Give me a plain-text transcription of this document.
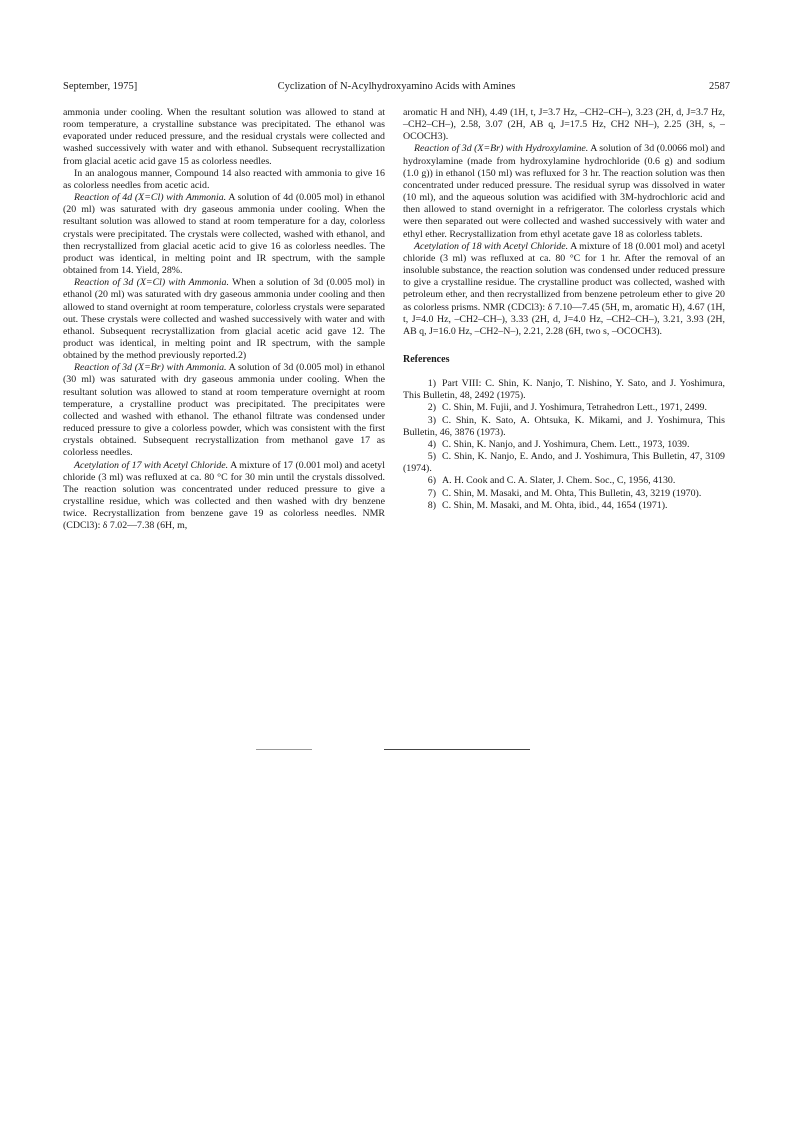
September, 1975]	Cyclization of N-Acylhydroxyamino Acids with Amines	2587

ammonia under cooling. When the resultant solution was allowed to stand at room temperature, a crystalline substance was precipitated. The ethanol was evaporated under reduced pressure, and the residual crystals were collected and washed successively with water and with ethanol. Subsequent recrystallization from glacial acetic acid gave 15 as colorless needles.

In an analogous manner, Compound 14 also reacted with ammonia to give 16 as colorless needles from acetic acid.

Reaction of 4d (X=Cl) with Ammonia. A solution of 4d (0.005 mol) in ethanol (20 ml) was saturated with dry gaseous ammonia under cooling. When the resultant solution was allowed to stand at room temperature for a day, colorless crystals were precipitated. The crystals were collected, washed with ethanol, and then recrystallized from glacial acetic acid to give 16 as colorless needles. The product was identical, in melting point and IR spectrum, with the sample obtained from 14. Yield, 28%.

Reaction of 3d (X=Cl) with Ammonia. When a solution of 3d (0.005 mol) in ethanol (20 ml) was saturated with dry gaseous ammonia under cooling and then allowed to stand overnight at room temperature, colorless crystals were separated out. These crystals were collected and washed successively with water and with ethanol. Subsequent recrystallization from glacial acetic acid gave 12. The product was identical, in melting point and IR spectrum, with the sample obtained by the method previously reported.2)

Reaction of 3d (X=Br) with Ammonia. A solution of 3d (0.005 mol) in ethanol (30 ml) was saturated with dry gaseous ammonia under cooling. When the resultant solution was allowed to stand at room temperature overnight at room temperature, a crystalline product was precipitated. The precipitates were collected and washed with ethanol. The ethanol filtrate was condensed under reduced pressure to give a colorless powder, which was consistent with the first crystals obtained. Subsequent recrystallization from methanol gave 17 as colorless needles.

Acetylation of 17 with Acetyl Chloride. A mixture of 17 (0.001 mol) and acetyl chloride (3 ml) was refluxed at ca. 80 °C for 30 min until the crystals dissolved. The reaction solution was concentrated under reduced pressure to give a crystalline residue, which was collected and then washed with dry benzene twice. Recrystallization from benzene gave 19 as colorless needles. NMR (CDCl3): δ 7.02—7.38 (6H, m,

aromatic H and NH), 4.49 (1H, t, J=3.7 Hz, –CH2–CH–), 3.23 (2H, d, J=3.7 Hz, –CH2–CH–), 2.58, 3.07 (2H, AB q, J=17.5 Hz, CH2 NH–), 2.25 (3H, s, –OCOCH3).

Reaction of 3d (X=Br) with Hydroxylamine. A solution of 3d (0.0066 mol) and hydroxylamine (made from hydroxylamine hydrochloride (0.6 g) and sodium (1.0 g)) in ethanol (150 ml) was refluxed for 3 hr. The reaction solution was then concentrated under reduced pressure. The residual syrup was dissolved in water (10 ml), and the aqueous solution was acidified with 3M-hydrochloric acid and then allowed to stand overnight in a refrigerator. The colorless crystals which were then separated out were collected and washed successively with water and ethyl ether. Recrystallization from ethyl acetate gave 18 as colorless tablets.

Acetylation of 18 with Acetyl Chloride. A mixture of 18 (0.001 mol) and acetyl chloride (3 ml) was refluxed at ca. 80 °C for 1 hr. After the removal of an insoluble substance, the reaction solution was condensed under reduced pressure to give a crystalline residue. The crystalline product was collected, washed with petroleum ether, and then recrystallized from benzene petroleum ether to give 20 as colorless prisms. NMR (CDCl3): δ 7.10—7.45 (5H, m, aromatic H), 4.67 (1H, t, J=4.0 Hz, –CH2–CH–), 3.33 (2H, d, J=4.0 Hz, –CH2–CH–), 3.21, 3.93 (2H, AB q, J=16.0 Hz, –CH2–N–), 2.21, 2.28 (6H, two s, –OCOCH3).

References

1) Part VIII: C. Shin, K. Nanjo, T. Nishino, Y. Sato, and J. Yoshimura, This Bulletin, 48, 2492 (1975).

2) C. Shin, M. Fujii, and J. Yoshimura, Tetrahedron Lett., 1971, 2499.

3) C. Shin, K. Sato, A. Ohtsuka, K. Mikami, and J. Yoshimura, This Bulletin, 46, 3876 (1973).

4) C. Shin, K. Nanjo, and J. Yoshimura, Chem. Lett., 1973, 1039.

5) C. Shin, K. Nanjo, E. Ando, and J. Yoshimura, This Bulletin, 47, 3109 (1974).

6) A. H. Cook and C. A. Slater, J. Chem. Soc., C, 1956, 4130.

7) C. Shin, M. Masaki, and M. Ohta, This Bulletin, 43, 3219 (1970).

8) C. Shin, M. Masaki, and M. Ohta, ibid., 44, 1654 (1971).
